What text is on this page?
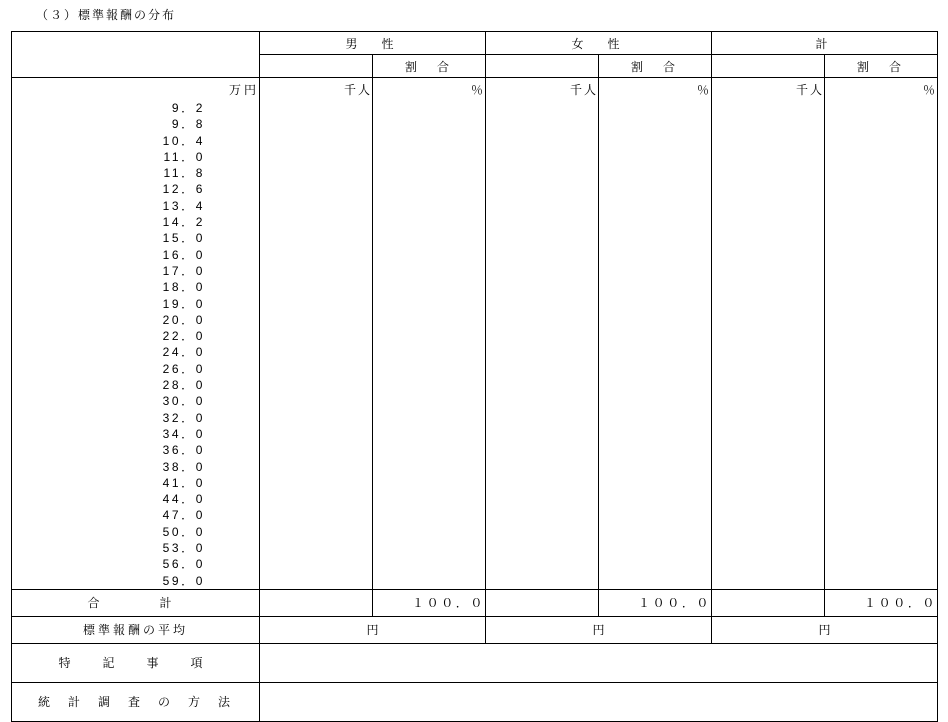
（３）標準報酬の分布
	男　性		女　性		計	
		割　合		割　合		割　合
万円	千人	％	千人	％	千人	％

9．2
9．8
10．4
11．0
11．8
12．6
13．4
14．2
15．0
16．0
17．0
18．0
19．0
20．0
22．0
24．0
26．0
28．0
30．0
32．0
34．0
36．0
38．0
41．0
44．0
47．0
50．0
53．0
56．0
59．0

合　　計		１００．０		１００．０		１００．０
標準報酬の平均	円		円		円	
特　記　事　項						
統　計　調　査　の　方　法						
